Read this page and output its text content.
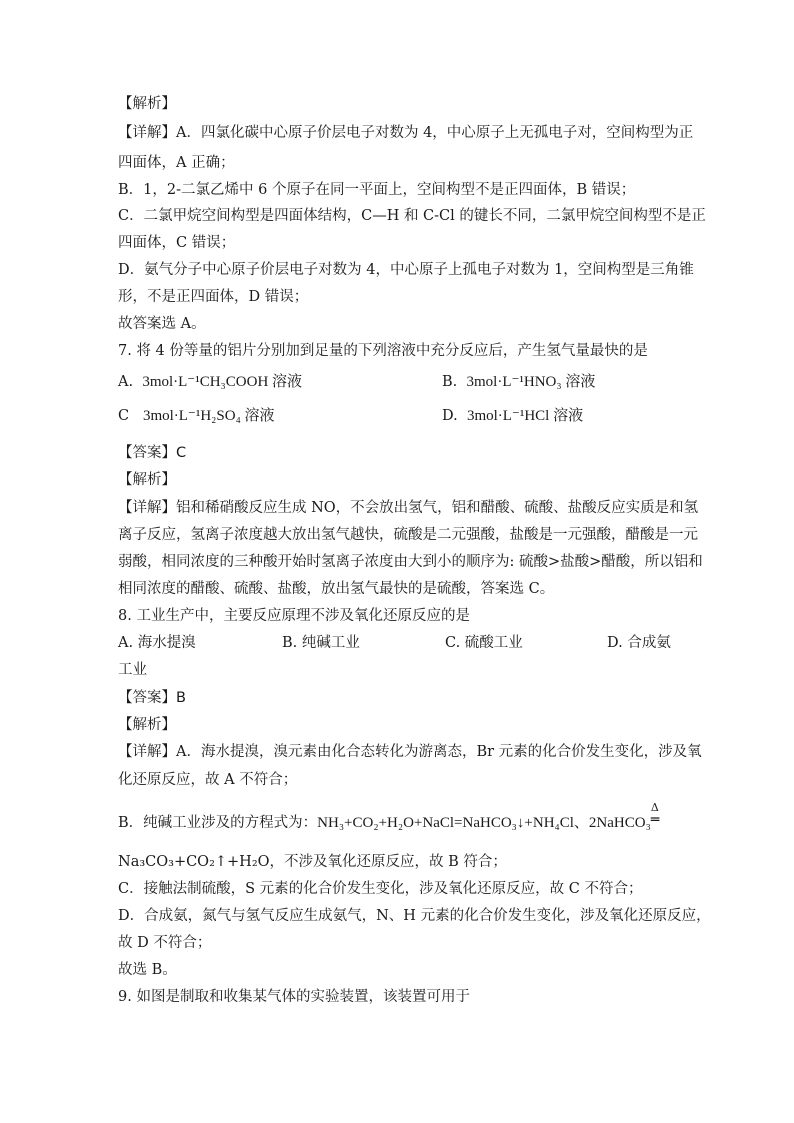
【解析】
【详解】A．四氯化碳中心原子价层电子对数为 4，中心原子上无孤电子对，空间构型为正
四面体，A 正确；
B．1，2-二氯乙烯中 6 个原子在同一平面上，空间构型不是正四面体，B 错误；
C．二氯甲烷空间构型是四面体结构，C—H 和 C-Cl 的键长不同，二氯甲烷空间构型不是正
四面体，C 错误；
D．氨气分子中心原子价层电子对数为 4，中心原子上孤电子对数为 1，空间构型是三角锥
形，不是正四面体，D 错误；
故答案选 A。
7. 将 4 份等量的铝片分别加到足量的下列溶液中充分反应后，产生氢气量最快的是
A. 3mol·L⁻¹CH₃COOH 溶液	B. 3mol·L⁻¹HNO₃ 溶液
C 3mol·L⁻¹H₂SO₄ 溶液	D. 3mol·L⁻¹HCl 溶液
【答案】C
【解析】
【详解】铝和稀硝酸反应生成 NO，不会放出氢气，铝和醋酸、硫酸、盐酸反应实质是和氢
离子反应，氢离子浓度越大放出氢气越快，硫酸是二元强酸，盐酸是一元强酸，醋酸是一元
弱酸，相同浓度的三种酸开始时氢离子浓度由大到小的顺序为: 硫酸>盐酸>醋酸，所以铝和
相同浓度的醋酸、硫酸、盐酸，放出氢气最快的是硫酸，答案选 C。
8. 工业生产中，主要反应原理不涉及氧化还原反应的是
A. 海水提溴	B. 纯碱工业	C. 硫酸工业	D. 合成氨
工业
【答案】B
【解析】
【详解】A．海水提溴，溴元素由化合态转化为游离态，Br 元素的化合价发生变化，涉及氧
化还原反应，故 A 不符合；
B．纯碱工业涉及的方程式为：NH₃+CO₂+H₂O+NaCl=NaHCO₃↓+NH₄Cl、2NaHCO₃
Δ
═
Na₃CO₃+CO₂↑+H₂O，不涉及氧化还原反应，故 B 符合；
C．接触法制硫酸，S 元素的化合价发生变化，涉及氧化还原反应，故 C 不符合；
D．合成氨，氮气与氢气反应生成氨气，N、H 元素的化合价发生变化，涉及氧化还原反应，
故 D 不符合；
故选 B。
9. 如图是制取和收集某气体的实验装置，该装置可用于
